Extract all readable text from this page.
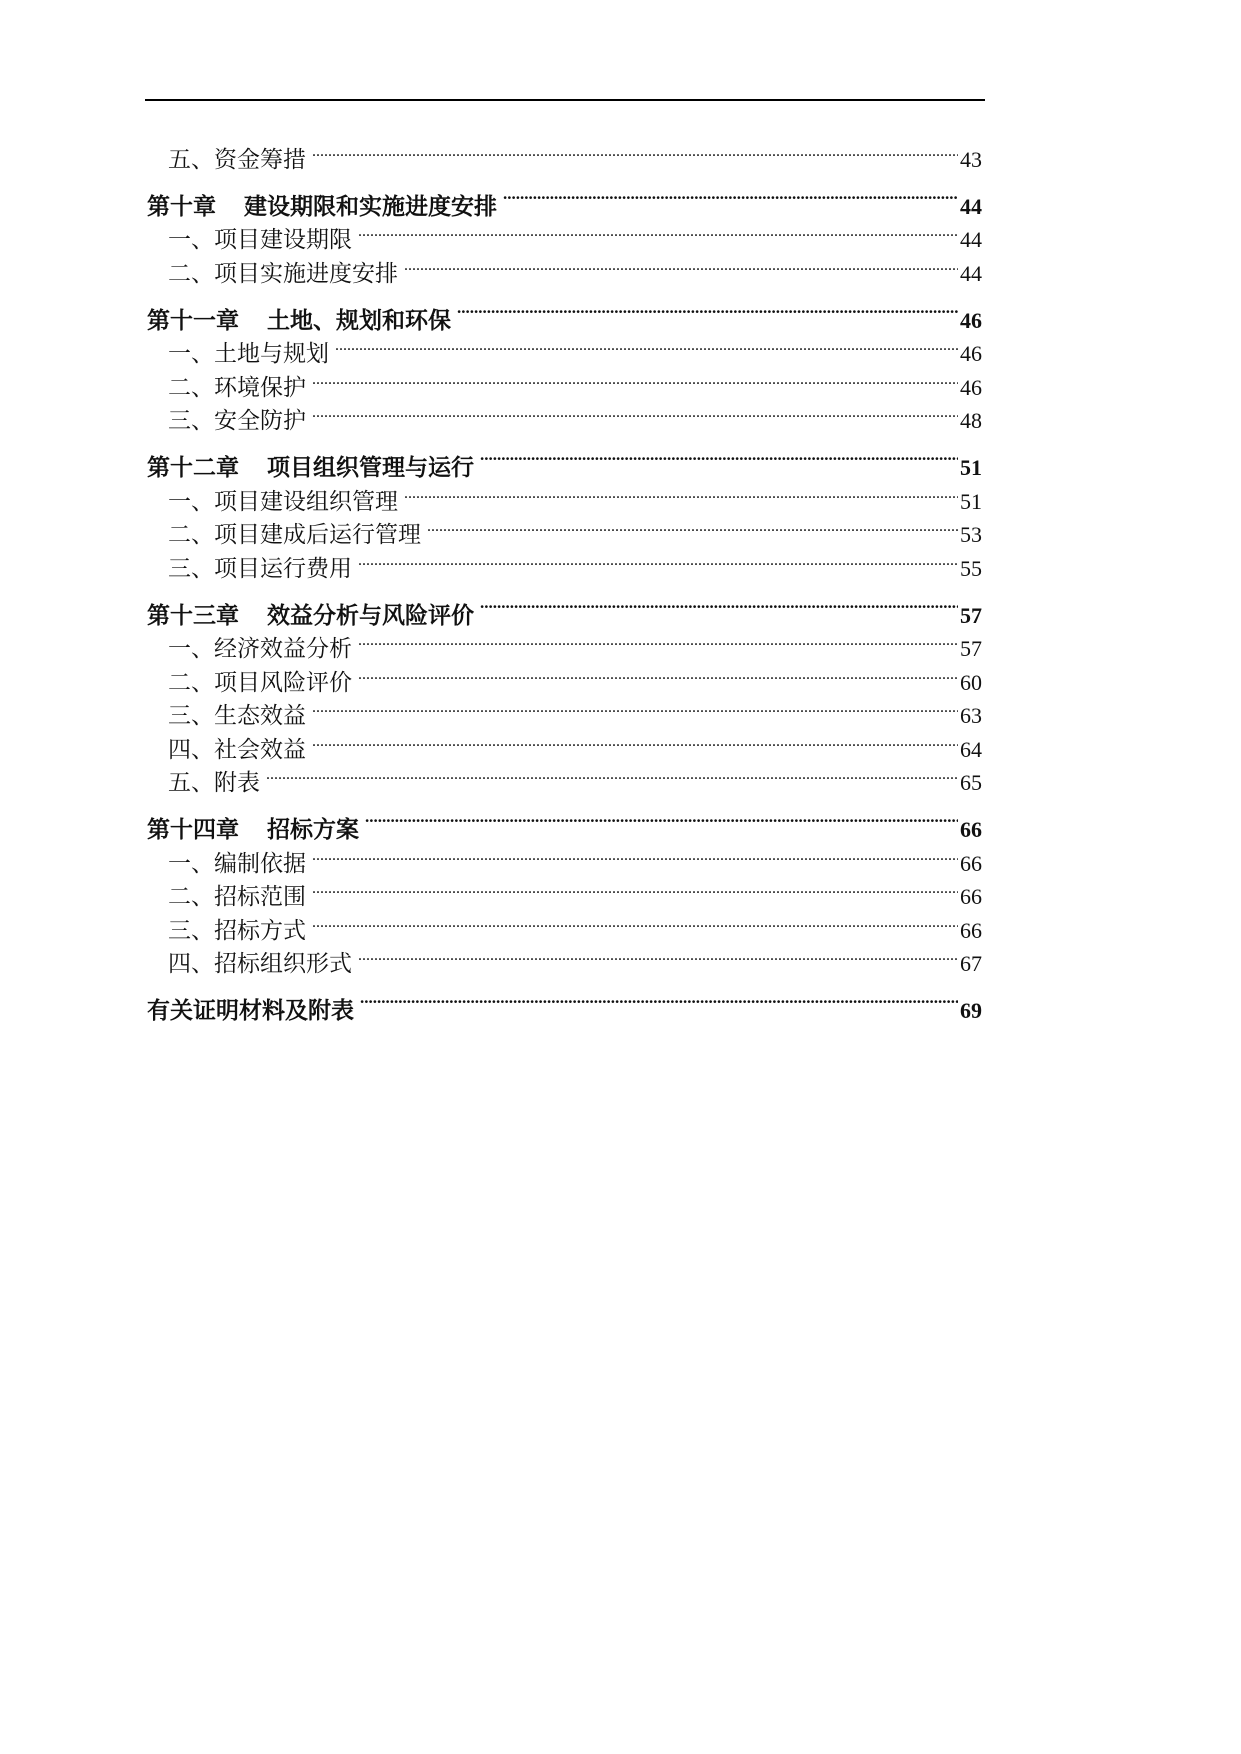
五、资金筹措 .....	43
第十章 建设期限和实施进度安排 .....	44
一、项目建设期限 .....	44
二、项目实施进度安排 .....	44
第十一章 土地、规划和环保 .....	46
一、土地与规划 .....	46
二、环境保护 .....	46
三、安全防护 .....	48
第十二章 项目组织管理与运行 .....	51
一、项目建设组织管理 .....	51
二、项目建成后运行管理 .....	53
三、项目运行费用 .....	55
第十三章 效益分析与风险评价 .....	57
一、经济效益分析 .....	57
二、项目风险评价 .....	60
三、生态效益 .....	63
四、社会效益 .....	64
五、附表 .....	65
第十四章 招标方案 .....	66
一、编制依据 .....	66
二、招标范围 .....	66
三、招标方式 .....	66
四、招标组织形式 .....	67
有关证明材料及附表 .....	69
